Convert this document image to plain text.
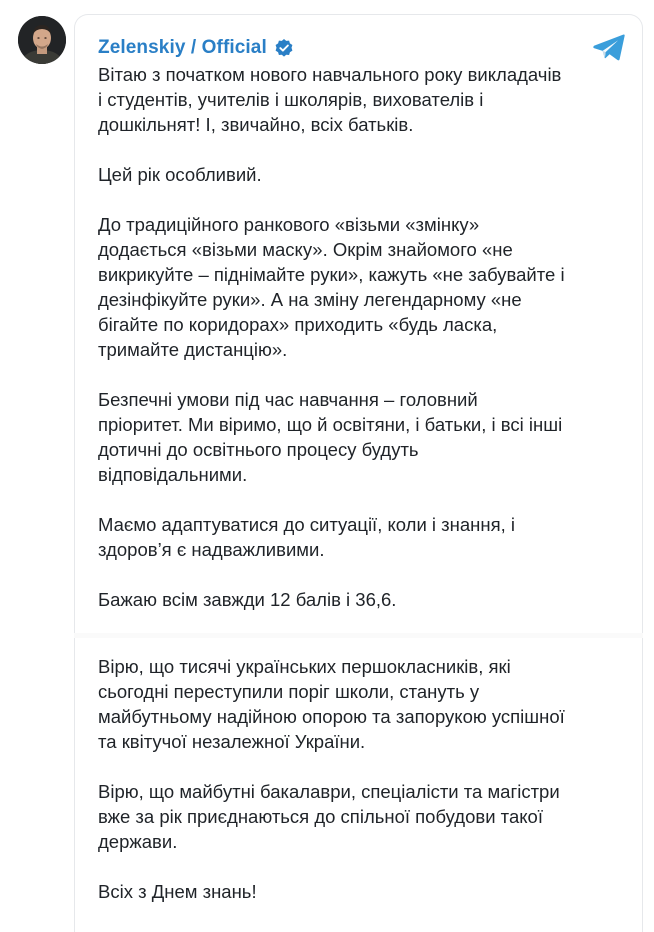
Zelenskiy / Official

Вітаю з початком нового навчального року викладачів
і студентів, учителів і школярів, вихователів і
дошкільнят! І, звичайно, всіх батьків.

Цей рік особливий.

До традиційного ранкового «візьми «змінку»
додається «візьми маску». Окрім знайомого «не
викрикуйте – піднімайте руки», кажуть «не забувайте і
дезінфікуйте руки». А на зміну легендарному «не
бігайте по коридорах» приходить «будь ласка,
тримайте дистанцію».

Безпечні умови під час навчання – головний
пріоритет. Ми віримо, що й освітяни, і батьки, і всі інші
дотичні до освітнього процесу будуть
відповідальними.

Маємо адаптуватися до ситуації, коли і знання, і
здоров’я є надважливими.

Бажаю всім завжди 12 балів і 36,6.

Вірю, що тисячі українських першокласників, які
сьогодні переступили поріг школи, стануть у
майбутньому надійною опорою та запорукою успішної
та квітучої незалежної України.

Вірю, що майбутні бакалаври, спеціалісти та магістри
вже за рік приєднаються до спільної побудови такої
держави.

Всіх з Днем знань!
